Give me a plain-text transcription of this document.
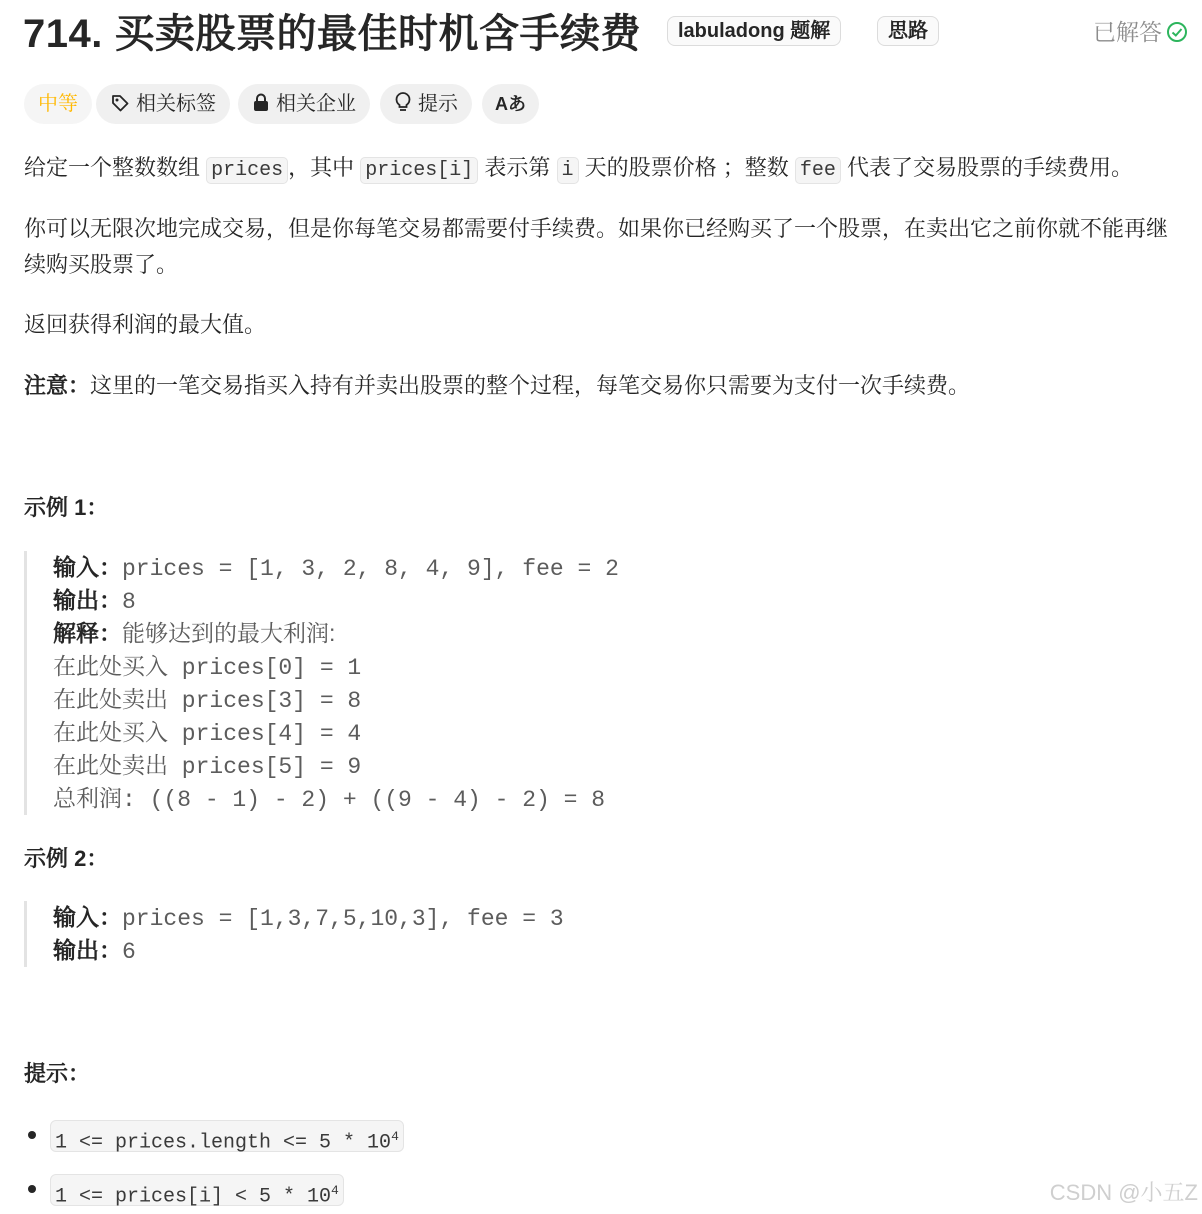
714. 买卖股票的最佳时机含手续费	labuladong 题解	思路	已解答
中等	相关标签	相关企业	提示	Aあ
给定一个整数数组 prices ，其中 prices[i] 表示第 i 天的股票价格 ；整数 fee 代表了交易股票的手续费用。
你可以无限次地完成交易，但是你每笔交易都需要付手续费。如果你已经购买了一个股票，在卖出它之前你就不能再继续购买股票了。
返回获得利润的最大值。
注意：这里的一笔交易指买入持有并卖出股票的整个过程，每笔交易你只需要为支付一次手续费。
示例 1：
输入：prices = [1, 3, 2, 8, 4, 9], fee = 2
输出：8
解释：能够达到的最大利润:
在此处买入 prices[0] = 1
在此处卖出 prices[3] = 8
在此处买入 prices[4] = 4
在此处卖出 prices[5] = 9
总利润: ((8 - 1) - 2) + ((9 - 4) - 2) = 8
示例 2：
输入：prices = [1,3,7,5,10,3], fee = 3
输出：6
提示：
1 <= prices.length <= $5 * 10^4$
1 <= prices[i] < $5 * 10^4$	CSDN @小五Z
